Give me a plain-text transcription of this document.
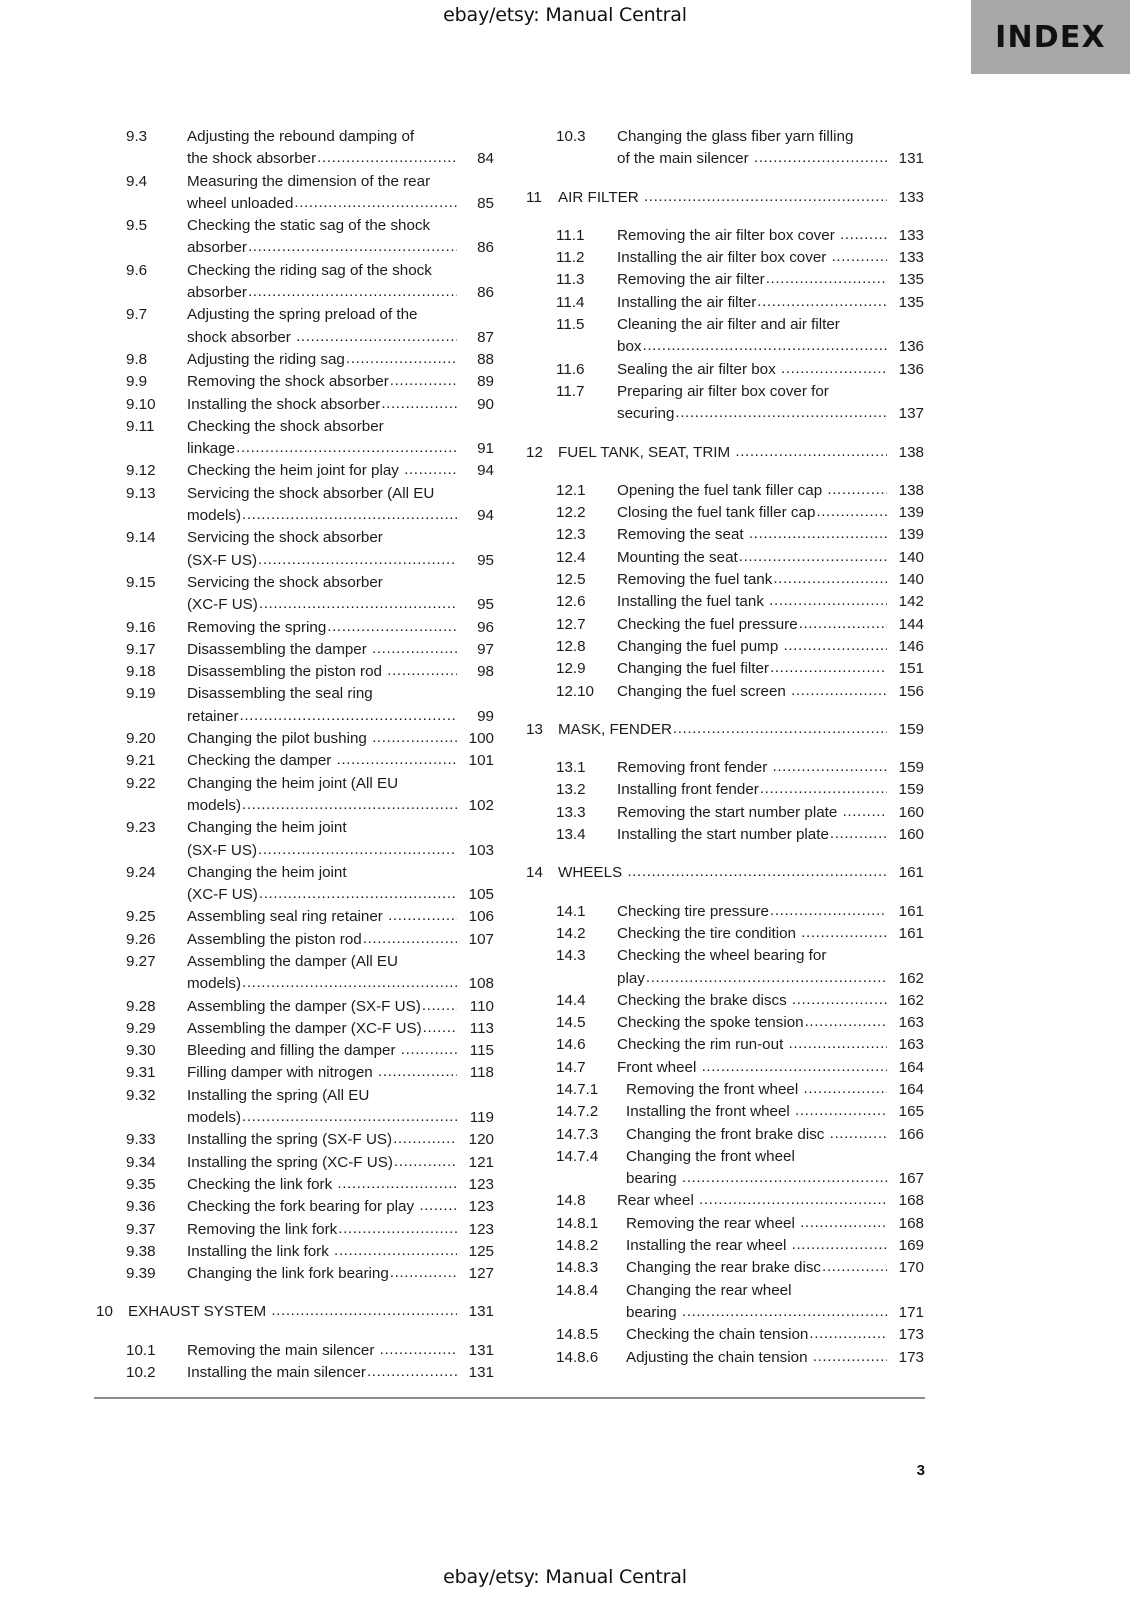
ebay/etsy: Manual Central
INDEX
9.3	Adjusting the rebound damping of
the shock absorber .....	84
9.4	Measuring the dimension of the rear
wheel unloaded .....	85
9.5	Checking the static sag of the shock
absorber .....	86
9.6	Checking the riding sag of the shock
absorber .....	86
9.7	Adjusting the spring preload of the
shock absorber .....	87
9.8	Adjusting the riding sag .....	88
9.9	Removing the shock absorber .....	89
9.10	Installing the shock absorber .....	90
9.11	Checking the shock absorber
linkage .....	91
9.12	Checking the heim joint for play .....	94
9.13	Servicing the shock absorber (All EU
models) .....	94
9.14	Servicing the shock absorber
(SX-F US) .....	95
9.15	Servicing the shock absorber
(XC-F US) .....	95
9.16	Removing the spring .....	96
9.17	Disassembling the damper .....	97
9.18	Disassembling the piston rod .....	98
9.19	Disassembling the seal ring
retainer .....	99
9.20	Changing the pilot bushing .....	100
9.21	Checking the damper .....	101
9.22	Changing the heim joint (All EU
models) .....	102
9.23	Changing the heim joint
(SX-F US) .....	103
9.24	Changing the heim joint
(XC-F US) .....	105
9.25	Assembling seal ring retainer .....	106
9.26	Assembling the piston rod .....	107
9.27	Assembling the damper (All EU
models) .....	108
9.28	Assembling the damper (SX-F US) .....	110
9.29	Assembling the damper (XC-F US) .....	113
9.30	Bleeding and filling the damper .....	115
9.31	Filling damper with nitrogen .....	118
9.32	Installing the spring (All EU
models) .....	119
9.33	Installing the spring (SX-F US) .....	120
9.34	Installing the spring (XC-F US) .....	121
9.35	Checking the link fork .....	123
9.36	Checking the fork bearing for play .....	123
9.37	Removing the link fork .....	123
9.38	Installing the link fork .....	125
9.39	Changing the link fork bearing .....	127
10 EXHAUST SYSTEM .....	131
10.1	Removing the main silencer .....	131
10.2	Installing the main silencer .....	131
10.3	Changing the glass fiber yarn filling
of the main silencer .....	131
11	AIR FILTER .....	133
11.1	Removing the air filter box cover .....	133
11.2	Installing the air filter box cover .....	133
11.3	Removing the air filter .....	135
11.4	Installing the air filter .....	135
11.5	Cleaning the air filter and air filter
box .....	136
11.6	Sealing the air filter box .....	136
11.7	Preparing air filter box cover for
securing .....	137
12 FUEL TANK, SEAT, TRIM .....	138
12.1	Opening the fuel tank filler cap .....	138
12.2	Closing the fuel tank filler cap .....	139
12.3	Removing the seat .....	139
12.4	Mounting the seat .....	140
12.5	Removing the fuel tank .....	140
12.6	Installing the fuel tank .....	142
12.7	Checking the fuel pressure .....	144
12.8	Changing the fuel pump .....	146
12.9	Changing the fuel filter .....	151
12.10	Changing the fuel screen .....	156
13 MASK, FENDER .....	159
13.1	Removing front fender .....	159
13.2	Installing front fender .....	159
13.3	Removing the start number plate .....	160
13.4	Installing the start number plate .....	160
14 WHEELS .....	161
14.1	Checking tire pressure .....	161
14.2	Checking the tire condition .....	161
14.3	Checking the wheel bearing for
play .....	162
14.4	Checking the brake discs .....	162
14.5	Checking the spoke tension .....	163
14.6	Checking the rim run-out .....	163
14.7	Front wheel .....	164
14.7.1	Removing the front wheel .....	164
14.7.2	Installing the front wheel .....	165
14.7.3	Changing the front brake disc .....	166
14.7.4	Changing the front wheel
bearing .....	167
14.8	Rear wheel .....	168
14.8.1	Removing the rear wheel .....	168
14.8.2	Installing the rear wheel .....	169
14.8.3	Changing the rear brake disc .....	170
14.8.4	Changing the rear wheel
bearing .....	171
14.8.5	Checking the chain tension .....	173
14.8.6	Adjusting the chain tension .....	173
3
ebay/etsy: Manual Central
